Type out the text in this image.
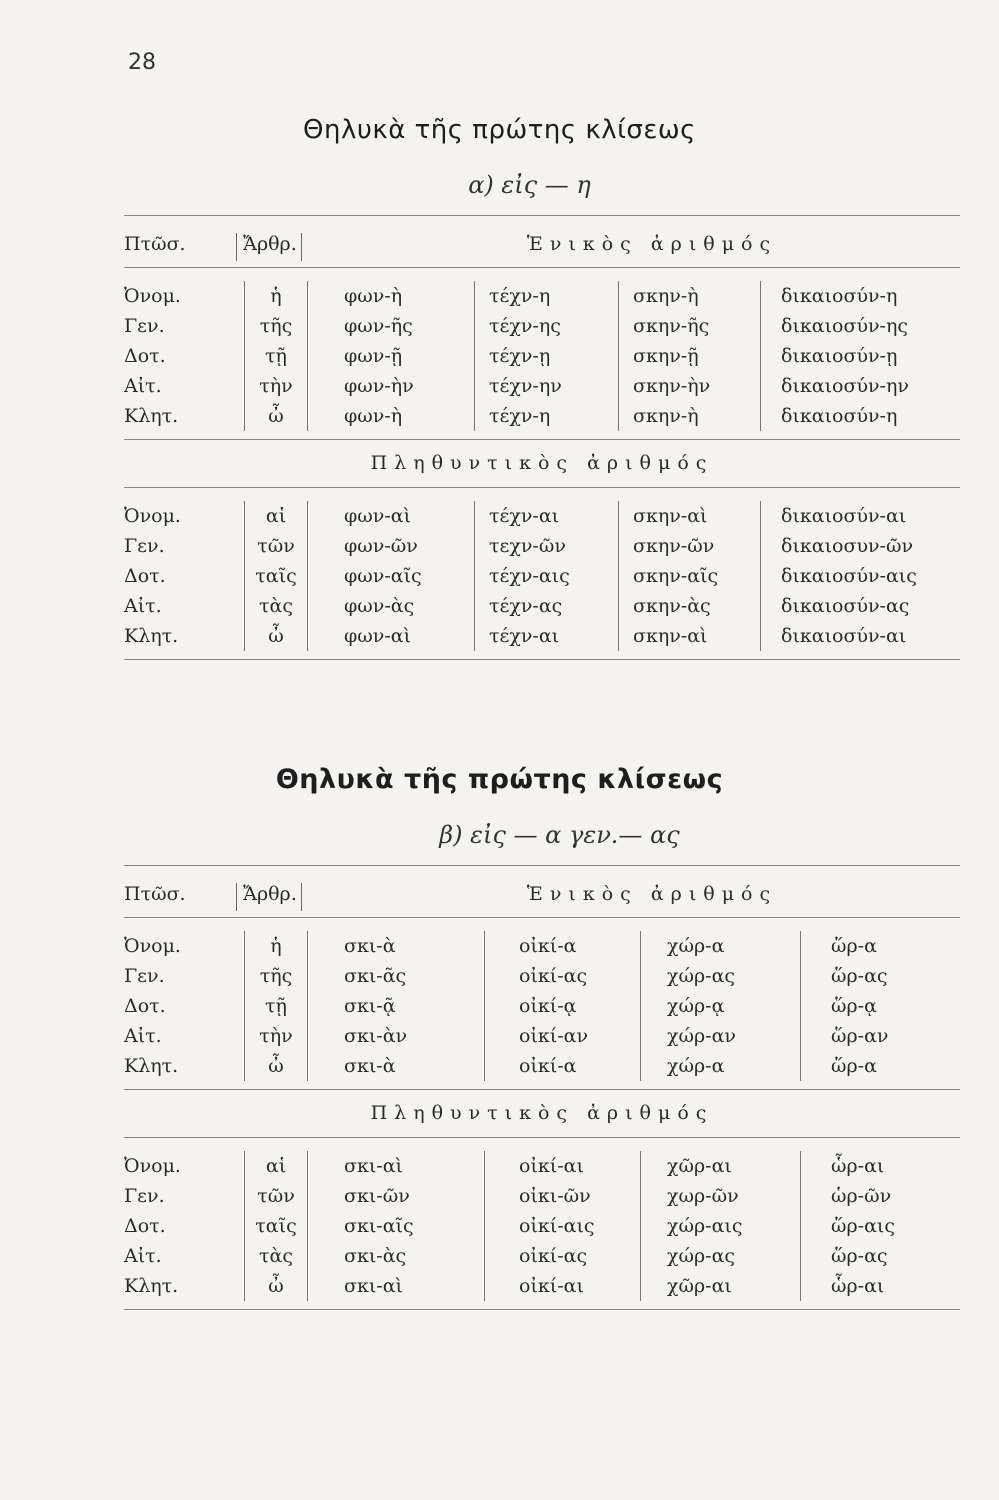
28
Θηλυκὰ τῆς πρώτης κλίσεως
α) εἰς — η
Πτῶσ.	Ἄρθρ.	Ἑνικὸς ἀριθμός
Ὀνομ.	ἡ	φων-ὴ	τέχν-η	σκην-ὴ	δικαιοσύν-η
Γεν.	τῆς	φων-ῆς	τέχν-ης	σκην-ῆς	δικαιοσύν-ης
Δοτ.	τῇ	φων-ῇ	τέχν-ῃ	σκην-ῇ	δικαιοσύν-ῃ
Αἰτ.	τὴν	φων-ὴν	τέχν-ην	σκην-ὴν	δικαιοσύν-ην
Κλητ.	ὦ	φων-ὴ	τέχν-η	σκην-ὴ	δικαιοσύν-η
Πληθυντικὸς ἀριθμός
Ὀνομ.	αἱ	φων-αὶ	τέχν-αι	σκην-αὶ	δικαιοσύν-αι
Γεν.	τῶν	φων-ῶν	τεχν-ῶν	σκην-ῶν	δικαιοσυν-ῶν
Δοτ.	ταῖς	φων-αῖς	τέχν-αις	σκην-αῖς	δικαιοσύν-αις
Αἰτ.	τὰς	φων-ὰς	τέχν-ας	σκην-ὰς	δικαιοσύν-ας
Κλητ.	ὦ	φων-αὶ	τέχν-αι	σκην-αὶ	δικαιοσύν-αι
Θηλυκὰ τῆς πρώτης κλίσεως
β) εἰς — α γεν.— ας
Πτῶσ.	Ἄρθρ.	Ἑνικὸς ἀριθμός
Ὀνομ.	ἡ	σκι-ὰ	οἰκί-α	χώρ-α	ὥρ-α
Γεν.	τῆς	σκι-ᾶς	οἰκί-ας	χώρ-ας	ὥρ-ας
Δοτ.	τῇ	σκι-ᾷ	οἰκί-ᾳ	χώρ-ᾳ	ὥρ-ᾳ
Αἰτ.	τὴν	σκι-ὰν	οἰκί-αν	χώρ-αν	ὥρ-αν
Κλητ.	ὦ	σκι-ὰ	οἰκί-α	χώρ-α	ὥρ-α
Πληθυντικὸς ἀριθμός
Ὀνομ.	αἱ	σκι-αὶ	οἰκί-αι	χῶρ-αι	ὧρ-αι
Γεν.	τῶν	σκι-ῶν	οἰκι-ῶν	χωρ-ῶν	ὡρ-ῶν
Δοτ.	ταῖς	σκι-αῖς	οἰκί-αις	χώρ-αις	ὥρ-αις
Αἰτ.	τὰς	σκι-ὰς	οἰκί-ας	χώρ-ας	ὥρ-ας
Κλητ.	ὦ	σκι-αὶ	οἰκί-αι	χῶρ-αι	ὧρ-αι
